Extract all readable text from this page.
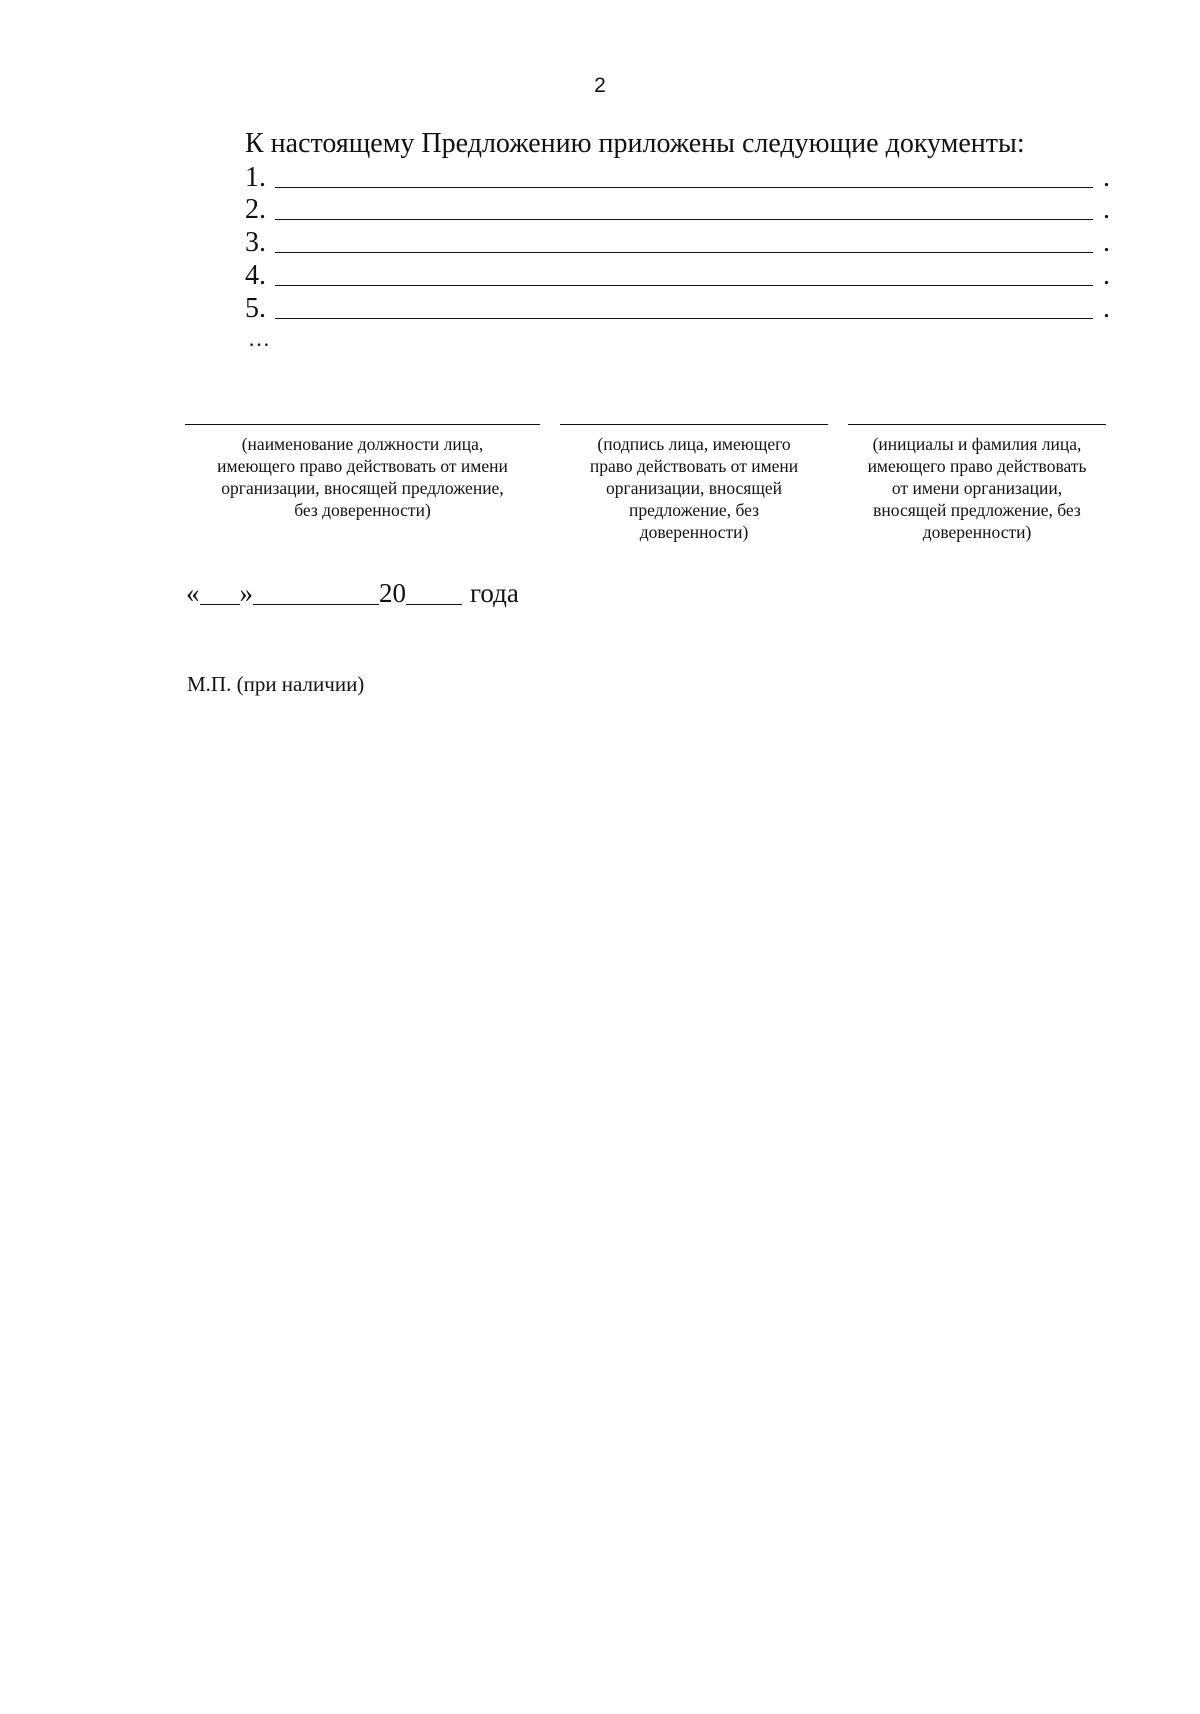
2
К настоящему Предложению приложены следующие документы:
1.	.
2.	.
3.	.
4.	.
5.	.
…
(наименование должности лица,
имеющего право действовать от имени
организации, вносящей предложение,
без доверенности)
(подпись лица, имеющего
право действовать от имени
организации, вносящей
предложение, без
доверенности)
(инициалы и фамилия лица,
имеющего право действовать
от имени организации,
вносящей предложение, без
доверенности)
« »	20 года
М.П. (при наличии)
